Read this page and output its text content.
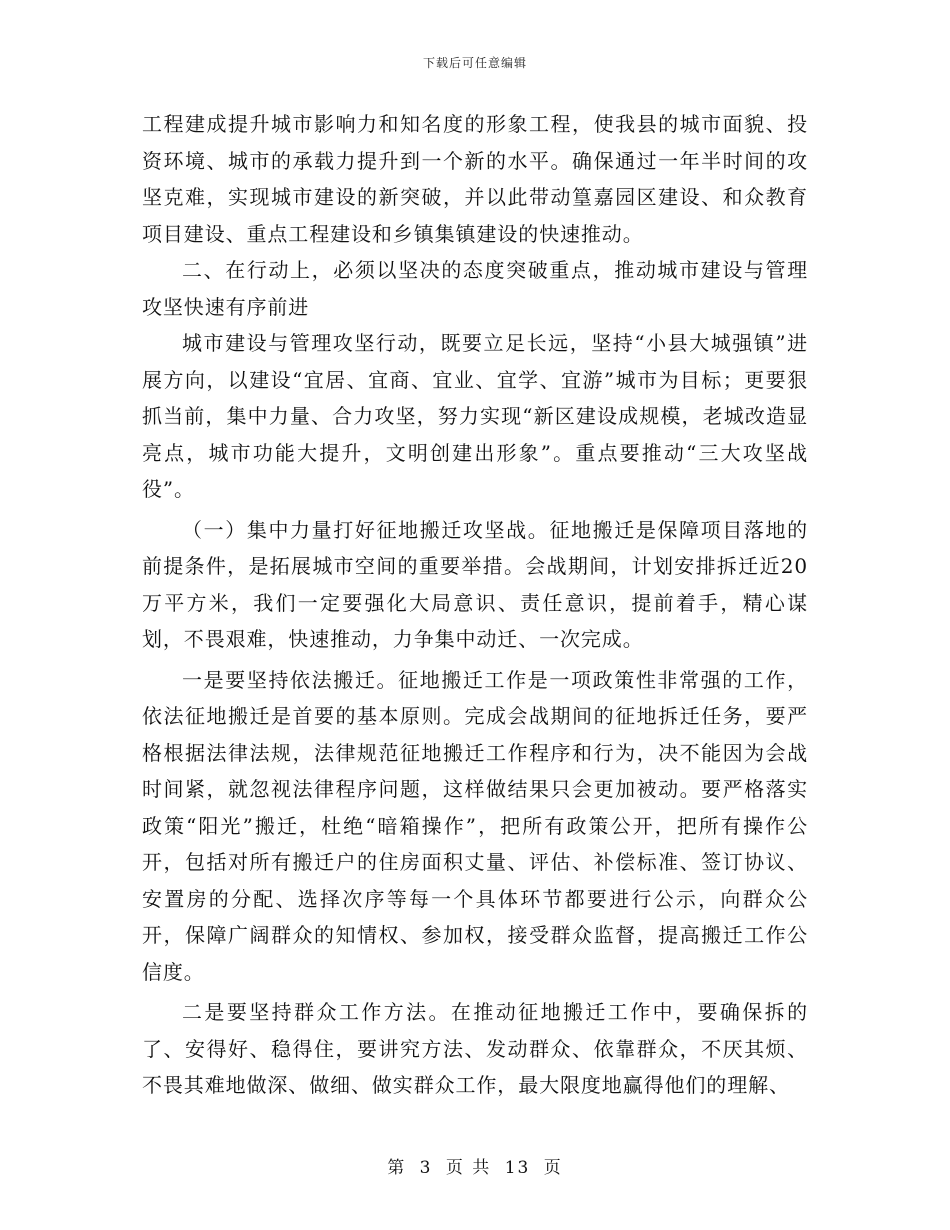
下载后可任意编辑

工程建成提升城市影响力和知名度的形象工程，使我县的城市面貌、投资环境、城市的承载力提升到一个新的水平。确保通过一年半时间的攻坚克难，实现城市建设的新突破，并以此带动篁嘉园区建设、和众教育项目建设、重点工程建设和乡镇集镇建设的快速推动。

二、在行动上，必须以坚决的态度突破重点，推动城市建设与管理攻坚快速有序前进

城市建设与管理攻坚行动，既要立足长远，坚持“小县大城强镇”进展方向，以建设“宜居、宜商、宜业、宜学、宜游”城市为目标；更要狠抓当前，集中力量、合力攻坚，努力实现“新区建设成规模，老城改造显亮点，城市功能大提升，文明创建出形象”。重点要推动“三大攻坚战役”。

（一）集中力量打好征地搬迁攻坚战。征地搬迁是保障项目落地的前提条件，是拓展城市空间的重要举措。会战期间，计划安排拆迁近20万平方米，我们一定要强化大局意识、责任意识，提前着手，精心谋划，不畏艰难，快速推动，力争集中动迁、一次完成。

一是要坚持依法搬迁。征地搬迁工作是一项政策性非常强的工作，依法征地搬迁是首要的基本原则。完成会战期间的征地拆迁任务，要严格根据法律法规，法律规范征地搬迁工作程序和行为，决不能因为会战时间紧，就忽视法律程序问题，这样做结果只会更加被动。要严格落实政策“阳光”搬迁，杜绝“暗箱操作”，把所有政策公开，把所有操作公开，包括对所有搬迁户的住房面积丈量、评估、补偿标准、签订协议、安置房的分配、选择次序等每一个具体环节都要进行公示，向群众公开，保障广阔群众的知情权、参加权，接受群众监督，提高搬迁工作公信度。

二是要坚持群众工作方法。在推动征地搬迁工作中，要确保拆的了、安得好、稳得住，要讲究方法、发动群众、依靠群众，不厌其烦、不畏其难地做深、做细、做实群众工作，最大限度地赢得他们的理解、

第 3 页 共 13 页
